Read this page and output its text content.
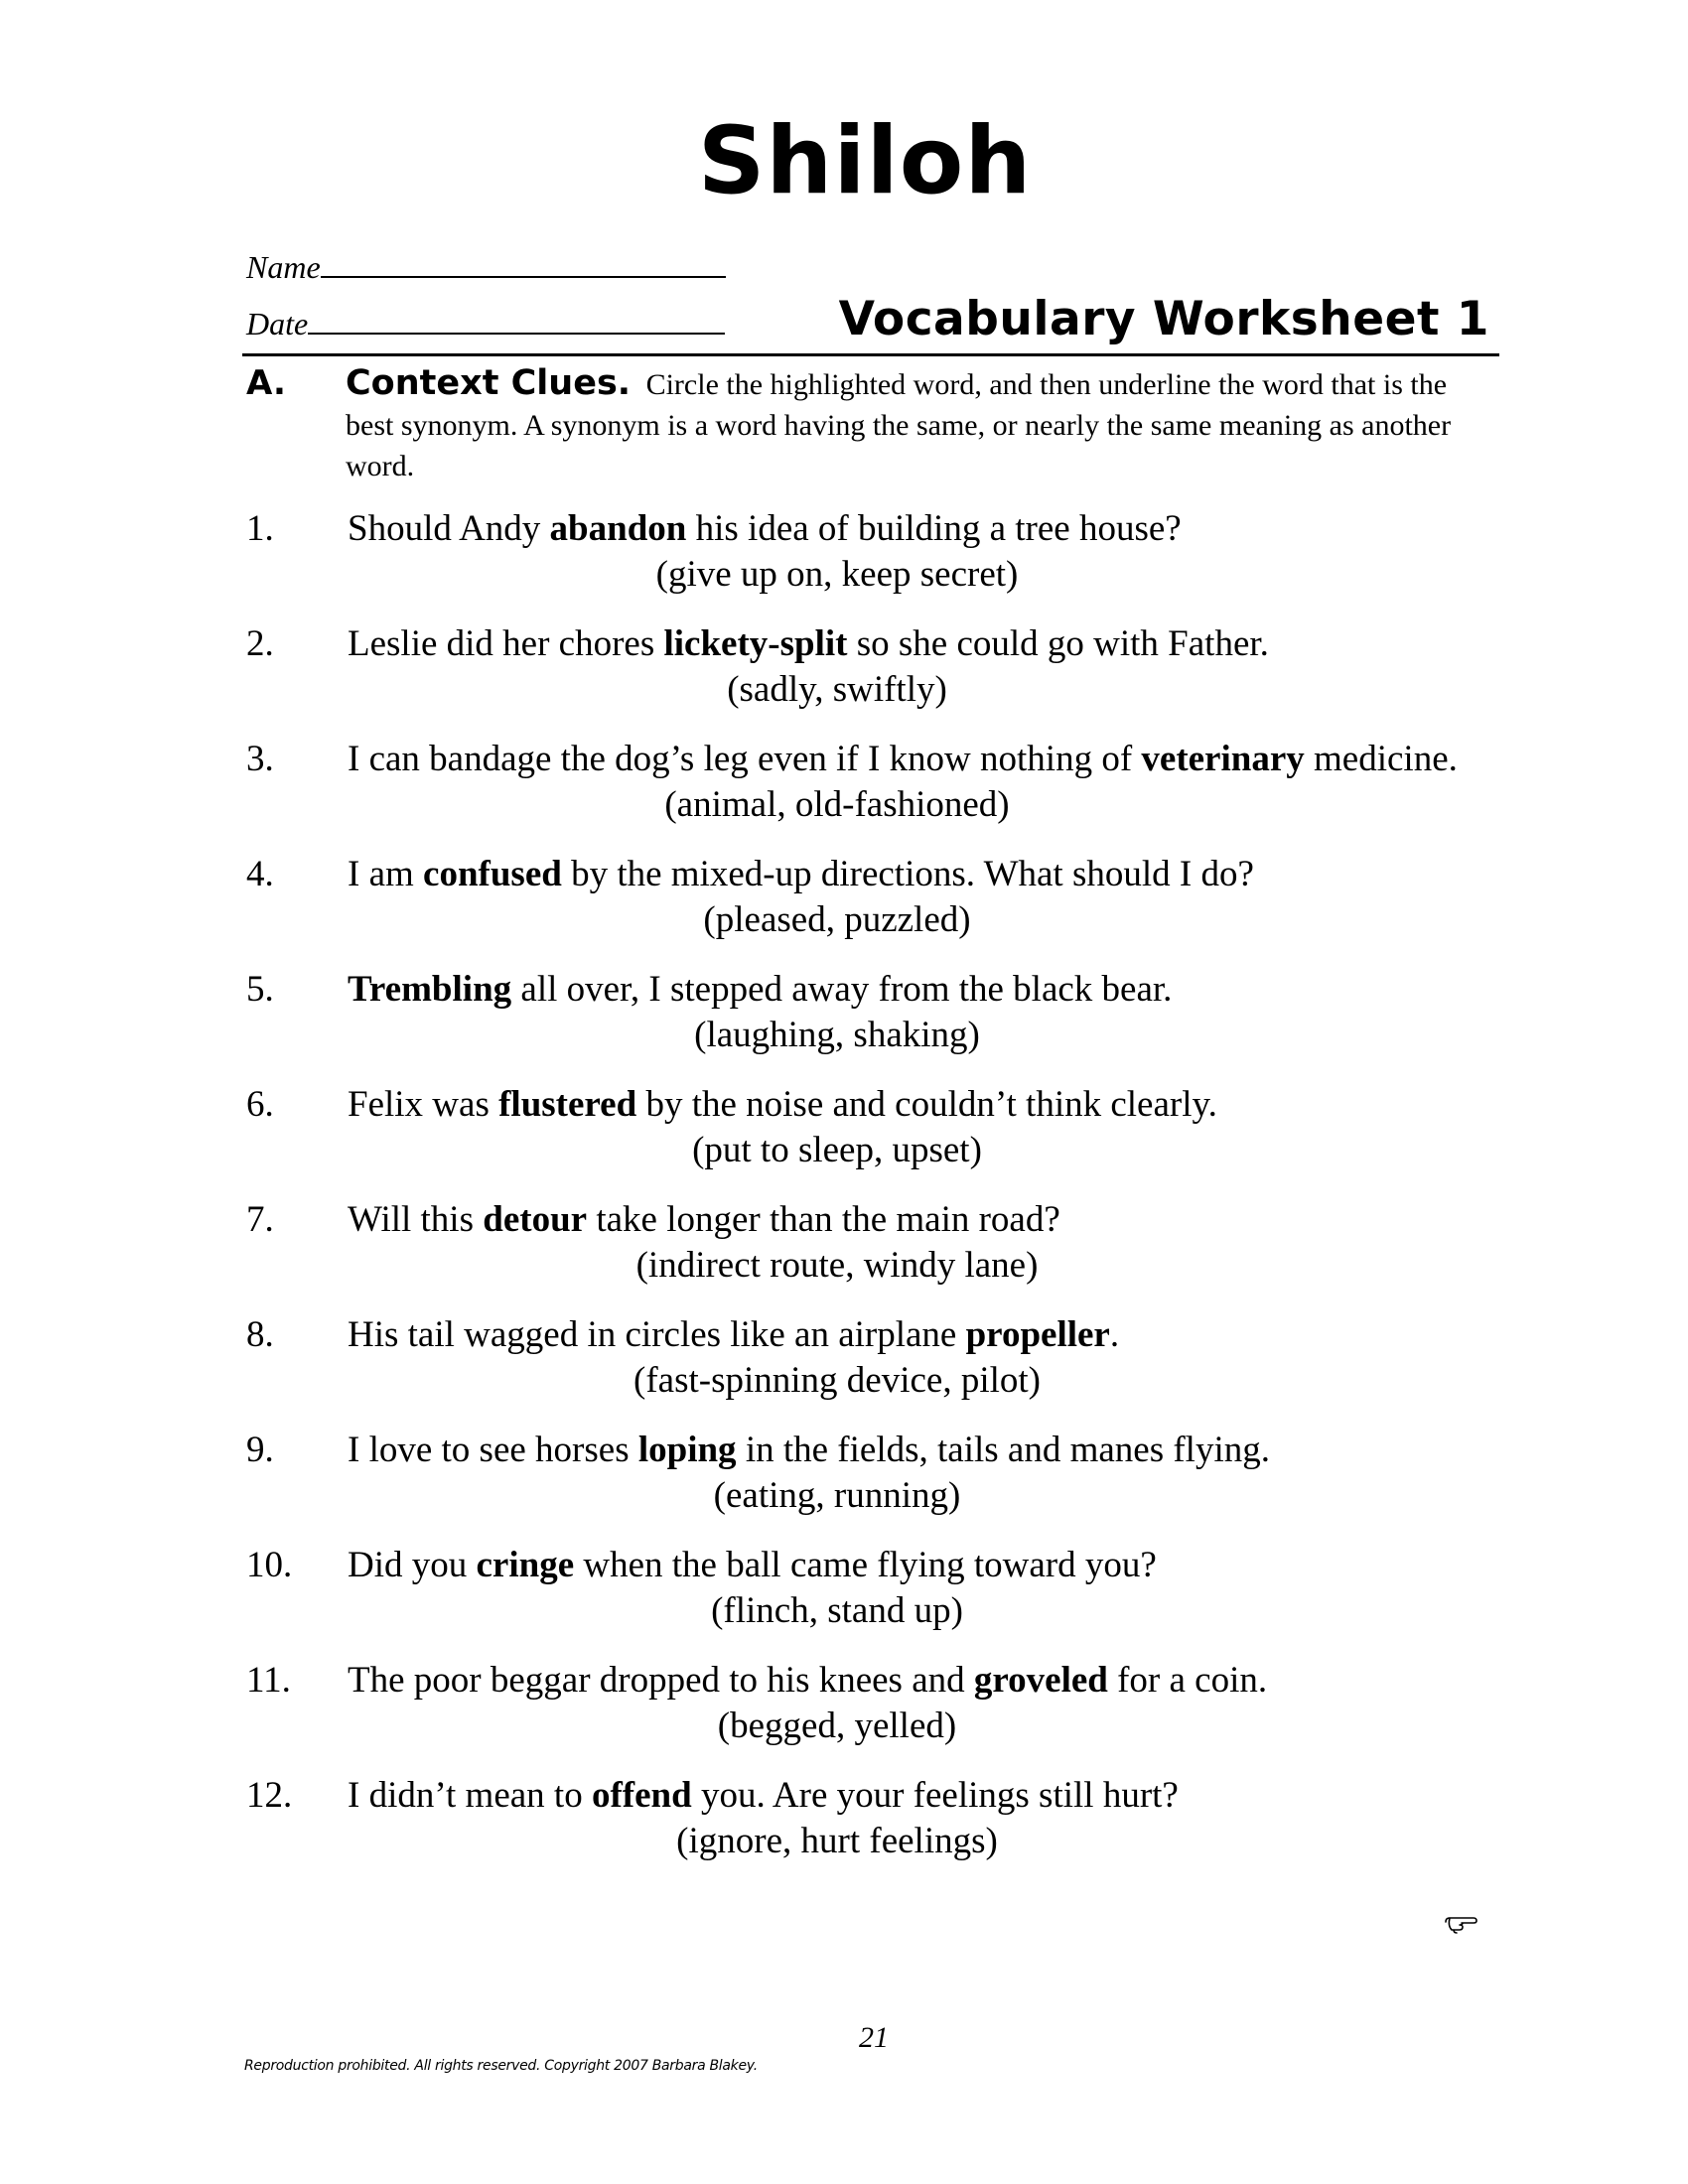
Shiloh
Name
Date	Vocabulary Worksheet 1
A. Context Clues. Circle the highlighted word, and then underline the word that is the best synonym. A synonym is a word having the same, or nearly the same meaning as another word.
1. Should Andy abandon his idea of building a tree house?
(give up on, keep secret)
2. Leslie did her chores lickety-split so she could go with Father.
(sadly, swiftly)
3. I can bandage the dog’s leg even if I know nothing of veterinary medicine.
(animal, old-fashioned)
4. I am confused by the mixed-up directions. What should I do?
(pleased, puzzled)
5. Trembling all over, I stepped away from the black bear.
(laughing, shaking)
6. Felix was flustered by the noise and couldn’t think clearly.
(put to sleep, upset)
7. Will this detour take longer than the main road?
(indirect route, windy lane)
8. His tail wagged in circles like an airplane propeller.
(fast-spinning device, pilot)
9. I love to see horses loping in the fields, tails and manes flying.
(eating, running)
10. Did you cringe when the ball came flying toward you?
(flinch, stand up)
11. The poor beggar dropped to his knees and groveled for a coin.
(begged, yelled)
12. I didn’t mean to offend you. Are your feelings still hurt?
(ignore, hurt feelings)
21
Reproduction prohibited. All rights reserved. Copyright 2007 Barbara Blakey.
